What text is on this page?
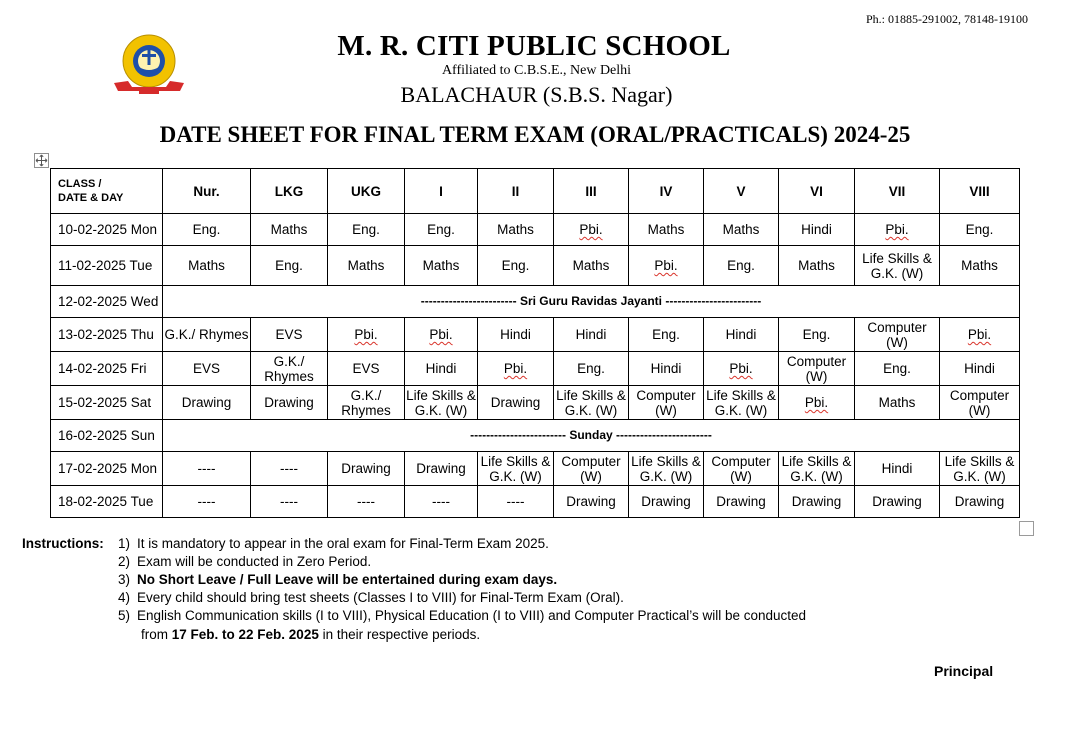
Ph.: 01885-291002, 78148-19100
M. R. CITI PUBLIC SCHOOL
Affiliated to C.B.S.E., New Delhi
BALACHAUR (S.B.S. Nagar)
DATE SHEET FOR FINAL TERM EXAM (ORAL/PRACTICALS) 2024-25
CLASS /
DATE & DAY	Nur.	LKG	UKG	I	II	III	IV	V	VI	VII	VIII
10-02-2025 Mon	Eng.	Maths	Eng.	Eng.	Maths	Pbi.	Maths	Maths	Hindi	Pbi.	Eng.
11-02-2025 Tue	Maths	Eng.	Maths	Maths	Eng.	Maths	Pbi.	Eng.	Maths	Life Skills & G.K. (W)	Maths
12-02-2025 Wed	------------------------ Sri Guru Ravidas Jayanti ------------------------										
13-02-2025 Thu	G.K./ Rhymes	EVS	Pbi.	Pbi.	Hindi	Hindi	Eng.	Hindi	Eng.	Computer (W)	Pbi.
14-02-2025 Fri	EVS	G.K./ Rhymes	EVS	Hindi	Pbi.	Eng.	Hindi	Pbi.	Computer (W)	Eng.	Hindi
15-02-2025 Sat	Drawing	Drawing	G.K./ Rhymes	Life Skills & G.K. (W)	Drawing	Life Skills & G.K. (W)	Computer (W)	Life Skills & G.K. (W)	Pbi.	Maths	Computer (W)
16-02-2025 Sun	------------------------ Sunday ------------------------										
17-02-2025 Mon	----	----	Drawing	Drawing	Life Skills & G.K. (W)	Computer (W)	Life Skills & G.K. (W)	Computer (W)	Life Skills & G.K. (W)	Hindi	Life Skills & G.K. (W)
18-02-2025 Tue	----	----	----	----	----	Drawing	Drawing	Drawing	Drawing	Drawing	Drawing
Instructions: 1) It is mandatory to appear in the oral exam for Final-Term Exam 2025.
2) Exam will be conducted in Zero Period.
3) No Short Leave / Full Leave will be entertained during exam days.
4) Every child should bring test sheets (Classes I to VIII) for Final-Term Exam (Oral).
5) English Communication skills (I to VIII), Physical Education (I to VIII) and Computer Practical’s will be conducted
from 17 Feb. to 22 Feb. 2025 in their respective periods.
Principal
